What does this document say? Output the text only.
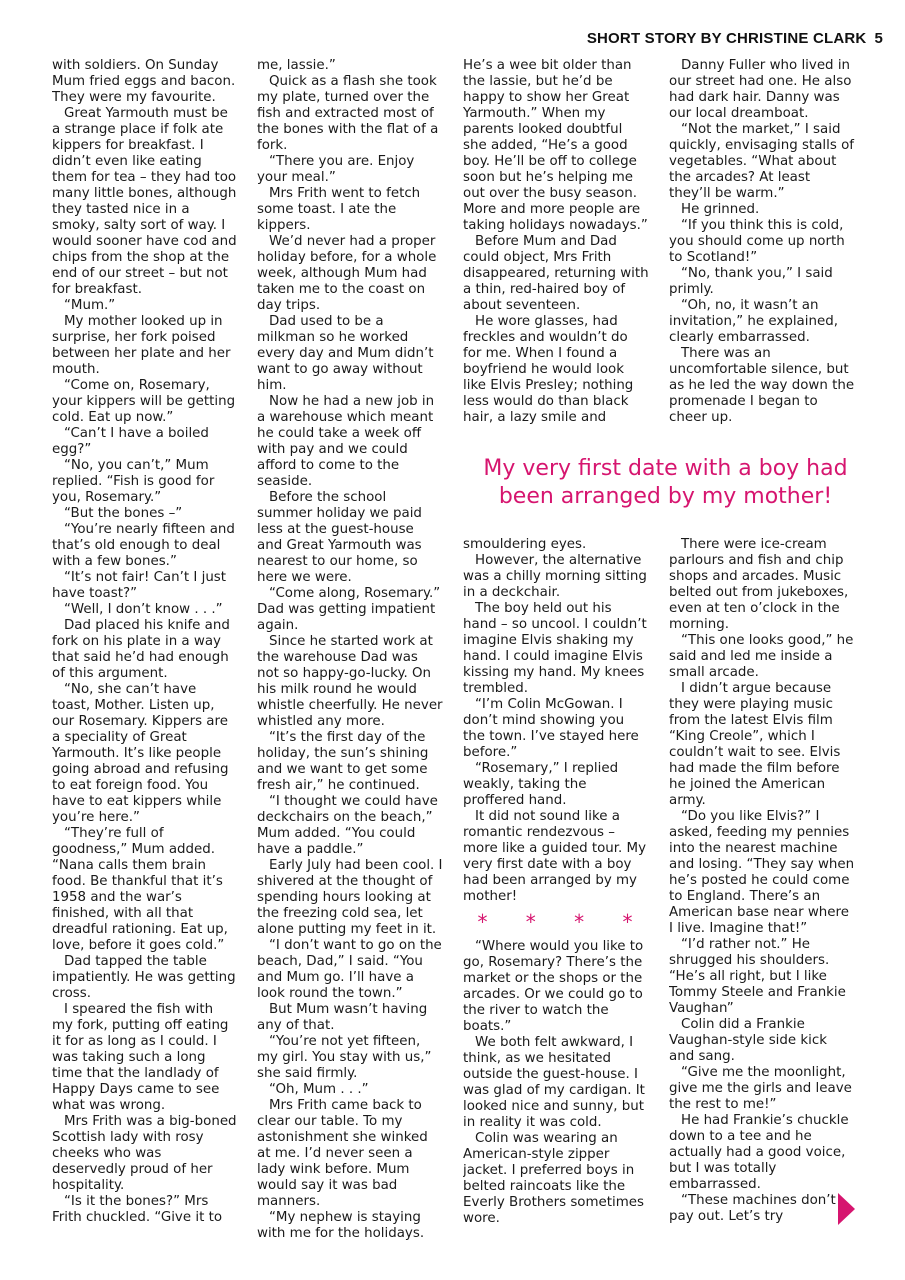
SHORT STORY BY CHRISTINE CLARK 5

with soldiers. On Sunday Mum fried eggs and bacon. They were my favourite.

Great Yarmouth must be a strange place if folk ate kippers for breakfast. I didn’t even like eating them for tea – they had too many little bones, although they tasted nice in a smoky, salty sort of way. I would sooner have cod and chips from the shop at the end of our street – but not for breakfast.

“Mum.”

My mother looked up in surprise, her fork poised between her plate and her mouth.

“Come on, Rosemary, your kippers will be getting cold. Eat up now.”

“Can’t I have a boiled egg?”

“No, you can’t,” Mum replied. “Fish is good for you, Rosemary.”

“But the bones –”

“You’re nearly fifteen and that’s old enough to deal with a few bones.”

“It’s not fair! Can’t I just have toast?”

“Well, I don’t know . . .”

Dad placed his knife and fork on his plate in a way that said he’d had enough of this argument.

“No, she can’t have toast, Mother. Listen up, our Rosemary. Kippers are a speciality of Great Yarmouth. It’s like people going abroad and refusing to eat foreign food. You have to eat kippers while you’re here.”

“They’re full of goodness,” Mum added. “Nana calls them brain food. Be thankful that it’s 1958 and the war’s finished, with all that dreadful rationing. Eat up, love, before it goes cold.”

Dad tapped the table impatiently. He was getting cross.

I speared the fish with my fork, putting off eating it for as long as I could. I was taking such a long time that the landlady of Happy Days came to see what was wrong.

Mrs Frith was a big-boned Scottish lady with rosy cheeks who was deservedly proud of her hospitality.

“Is it the bones?” Mrs Frith chuckled. “Give it to

me, lassie.”

Quick as a flash she took my plate, turned over the fish and extracted most of the bones with the flat of a fork.

“There you are. Enjoy your meal.”

Mrs Frith went to fetch some toast. I ate the kippers.

We’d never had a proper holiday before, for a whole week, although Mum had taken me to the coast on day trips.

Dad used to be a milkman so he worked every day and Mum didn’t want to go away without him.

Now he had a new job in a warehouse which meant he could take a week off with pay and we could afford to come to the seaside.

Before the school summer holiday we paid less at the guest-house and Great Yarmouth was nearest to our home, so here we were.

“Come along, Rosemary.” Dad was getting impatient again.

Since he started work at the warehouse Dad was not so happy-go-lucky. On his milk round he would whistle cheerfully. He never whistled any more.

“It’s the first day of the holiday, the sun’s shining and we want to get some fresh air,” he continued.

“I thought we could have deckchairs on the beach,” Mum added. “You could have a paddle.”

Early July had been cool. I shivered at the thought of spending hours looking at the freezing cold sea, let alone putting my feet in it.

“I don’t want to go on the beach, Dad,” I said. “You and Mum go. I’ll have a look round the town.”

But Mum wasn’t having any of that.

“You’re not yet fifteen, my girl. You stay with us,” she said firmly.

“Oh, Mum . . .”

Mrs Frith came back to clear our table. To my astonishment she winked at me. I’d never seen a lady wink before. Mum would say it was bad manners.

“My nephew is staying with me for the holidays.

He’s a wee bit older than the lassie, but he’d be happy to show her Great Yarmouth.” When my parents looked doubtful she added, “He’s a good boy. He’ll be off to college soon but he’s helping me out over the busy season. More and more people are taking holidays nowadays.”

Before Mum and Dad could object, Mrs Frith disappeared, returning with a thin, red-haired boy of about seventeen.

He wore glasses, had freckles and wouldn’t do for me. When I found a boyfriend he would look like Elvis Presley; nothing less would do than black hair, a lazy smile and

Danny Fuller who lived in our street had one. He also had dark hair. Danny was our local dreamboat.

“Not the market,” I said quickly, envisaging stalls of vegetables. “What about the arcades? At least they’ll be warm.”

He grinned.

“If you think this is cold, you should come up north to Scotland!”

“No, thank you,” I said primly.

“Oh, no, it wasn’t an invitation,” he explained, clearly embarrassed.

There was an uncomfortable silence, but as he led the way down the promenade I began to cheer up.

My very first date with a boy had been arranged by my mother!

smouldering eyes.

However, the alternative was a chilly morning sitting in a deckchair.

The boy held out his hand – so uncool. I couldn’t imagine Elvis shaking my hand. I could imagine Elvis kissing my hand. My knees trembled.

“I’m Colin McGowan. I don’t mind showing you the town. I’ve stayed here before.”

“Rosemary,” I replied weakly, taking the proffered hand.

It did not sound like a romantic rendezvous – more like a guided tour. My very first date with a boy had been arranged by my mother!

* * * *

“Where would you like to go, Rosemary? There’s the market or the shops or the arcades. Or we could go to the river to watch the boats.”

We both felt awkward, I think, as we hesitated outside the guest-house. I was glad of my cardigan. It looked nice and sunny, but in reality it was cold.

Colin was wearing an American-style zipper jacket. I preferred boys in belted raincoats like the Everly Brothers sometimes wore.

There were ice-cream parlours and fish and chip shops and arcades. Music belted out from jukeboxes, even at ten o’clock in the morning.

“This one looks good,” he said and led me inside a small arcade.

I didn’t argue because they were playing music from the latest Elvis film “King Creole”, which I couldn’t wait to see. Elvis had made the film before he joined the American army.

“Do you like Elvis?” I asked, feeding my pennies into the nearest machine and losing. “They say when he’s posted he could come to England. There’s an American base near where I live. Imagine that!”

“I’d rather not.” He shrugged his shoulders. “He’s all right, but I like Tommy Steele and Frankie Vaughan”

Colin did a Frankie Vaughan-style side kick and sang.

“Give me the moonlight, give me the girls and leave the rest to me!”

He had Frankie’s chuckle down to a tee and he actually had a good voice, but I was totally embarrassed.

“These machines don’t pay out. Let’s try
